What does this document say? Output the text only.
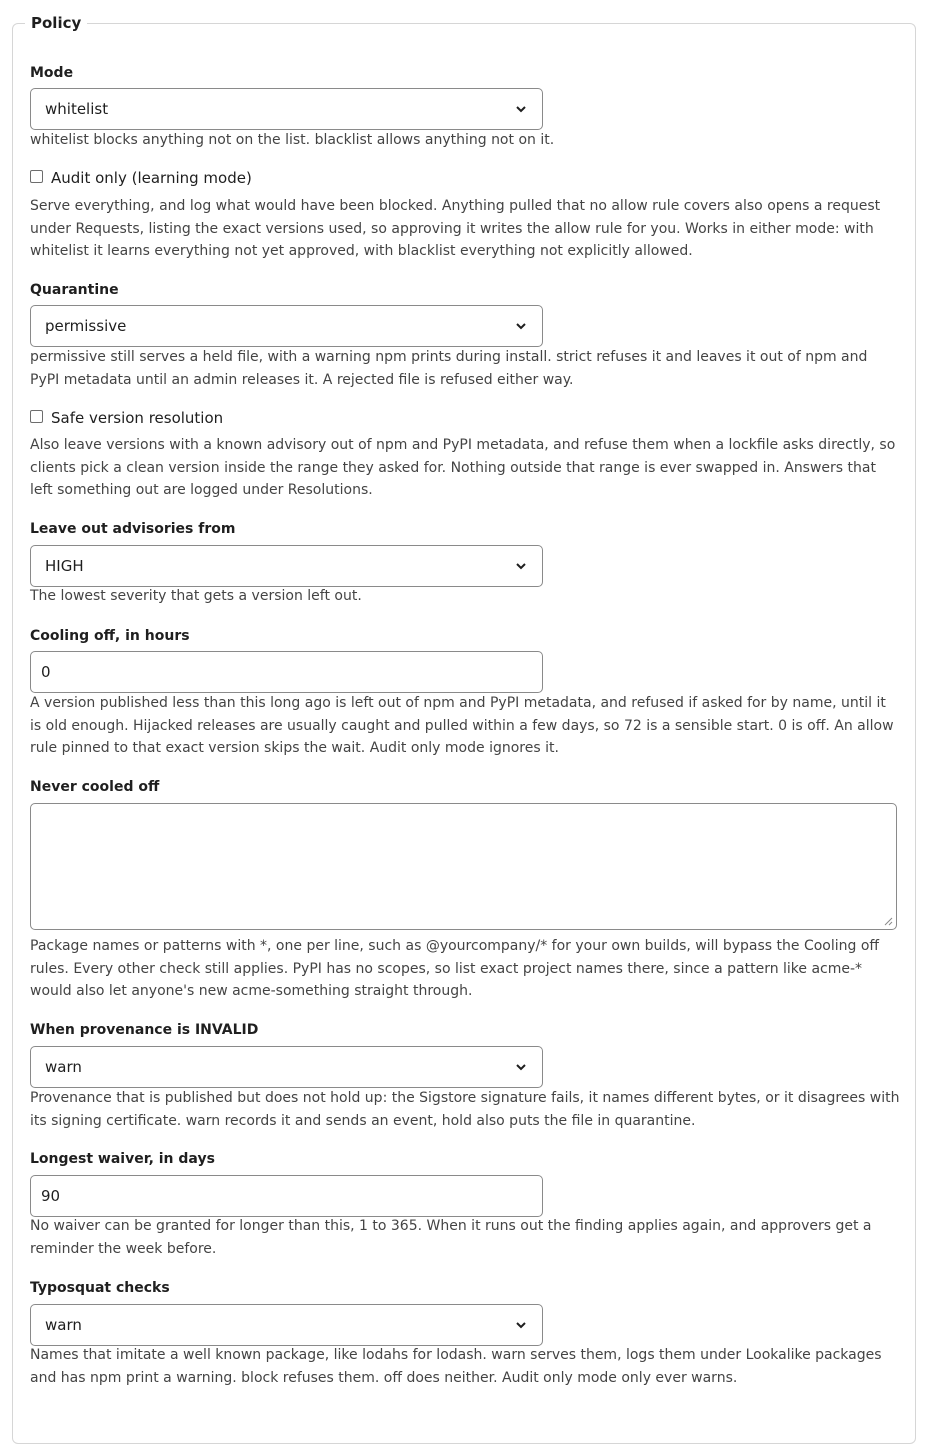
Policy
Mode
whitelist
whitelist blocks anything not on the list. blacklist allows anything not on it.
Audit only (learning mode)
Serve everything, and log what would have been blocked. Anything pulled that no allow rule covers also opens a request under Requests, listing the exact versions used, so approving it writes the allow rule for you. Works in either mode: with whitelist it learns everything not yet approved, with blacklist everything not explicitly allowed.
Quarantine
permissive
permissive still serves a held file, with a warning npm prints during install. strict refuses it and leaves it out of npm and PyPI metadata until an admin releases it. A rejected file is refused either way.
Safe version resolution
Also leave versions with a known advisory out of npm and PyPI metadata, and refuse them when a lockfile asks directly, so clients pick a clean version inside the range they asked for. Nothing outside that range is ever swapped in. Answers that left something out are logged under Resolutions.
Leave out advisories from
HIGH
The lowest severity that gets a version left out.
Cooling off, in hours
0
A version published less than this long ago is left out of npm and PyPI metadata, and refused if asked for by name, until it is old enough. Hijacked releases are usually caught and pulled within a few days, so 72 is a sensible start. 0 is off. An allow rule pinned to that exact version skips the wait. Audit only mode ignores it.
Never cooled off
Package names or patterns with *, one per line, such as @yourcompany/* for your own builds, will bypass the Cooling off rules. Every other check still applies. PyPI has no scopes, so list exact project names there, since a pattern like acme-* would also let anyone's new acme-something straight through.
When provenance is INVALID
warn
Provenance that is published but does not hold up: the Sigstore signature fails, it names different bytes, or it disagrees with its signing certificate. warn records it and sends an event, hold also puts the file in quarantine.
Longest waiver, in days
90
No waiver can be granted for longer than this, 1 to 365. When it runs out the finding applies again, and approvers get a reminder the week before.
Typosquat checks
warn
Names that imitate a well known package, like lodahs for lodash. warn serves them, logs them under Lookalike packages and has npm print a warning. block refuses them. off does neither. Audit only mode only ever warns.
